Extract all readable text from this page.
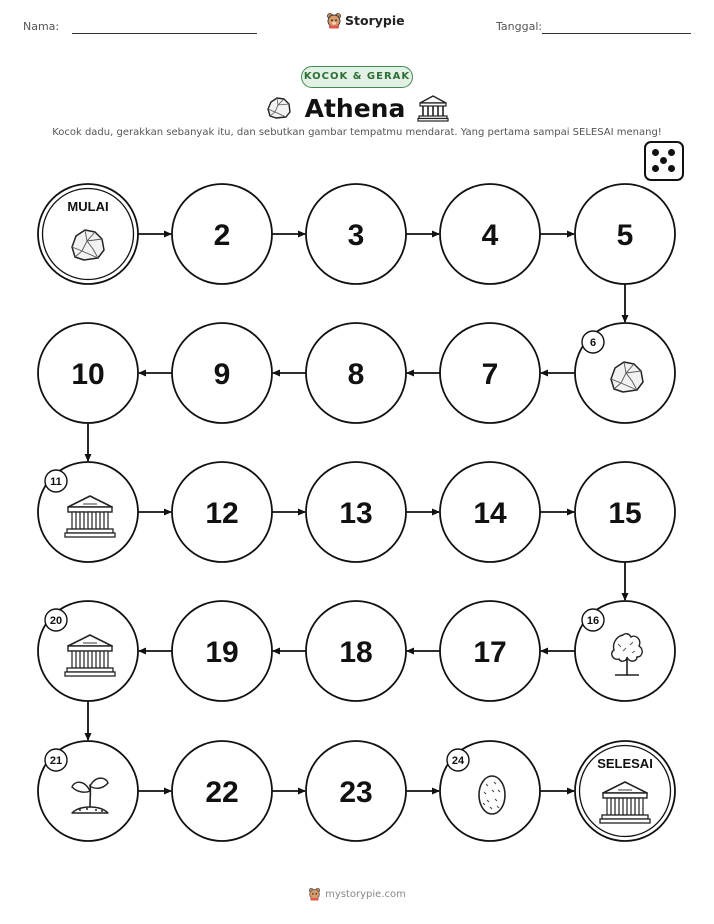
Nama:	Storypie	Tanggal:
KOCOK & GERAK
Athena
Kocok dadu, gerakkan sebanyak itu, dan sebutkan gambar tempatmu mendarat. Yang pertama sampai SELESAI menang!
MULAI
2	3	4	5
6
7
8
9
10
11
12	13	14	15
16
17
18
19
20
21
22	23
24	SELESAI
mystorypie.com
